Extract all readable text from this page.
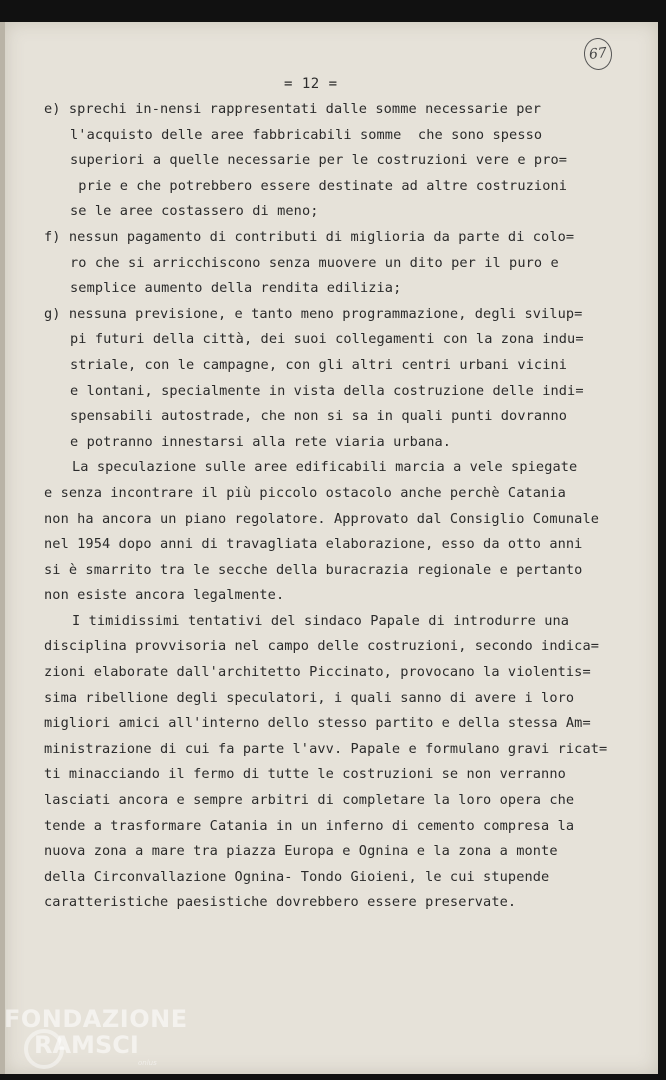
= 12 =
67
e) sprechi in-nensi rappresentati dalle somme necessarie per
l'acquisto delle aree fabbricabili somme  che sono spesso
superiori a quelle necessarie per le costruzioni vere e pro=
prie e che potrebbero essere destinate ad altre costruzioni
se le aree costassero di meno;
f) nessun pagamento di contributi di miglioria da parte di colo=
ro che si arricchiscono senza muovere un dito per il puro e
semplice aumento della rendita edilizia;
g) nessuna previsione, e tanto meno programmazione, degli svilup=
pi futuri della città, dei suoi collegamenti con la zona indu=
striale, con le campagne, con gli altri centri urbani vicini
e lontani, specialmente in vista della costruzione delle indi=
spensabili autostrade, che non si sa in quali punti dovranno
e potranno innestarsi alla rete viaria urbana.
La speculazione sulle aree edificabili marcia a vele spiegate
e senza incontrare il più piccolo ostacolo anche perchè Catania
non ha ancora un piano regolatore. Approvato dal Consiglio Comunale
nel 1954 dopo anni di travagliata elaborazione, esso da otto anni
si è smarrito tra le secche della buracrazia regionale e pertanto
non esiste ancora legalmente.
I timidissimi tentativi del sindaco Papale di introdurre una
disciplina provvisoria nel campo delle costruzioni, secondo indica=
zioni elaborate dall'architetto Piccinato, provocano la violentis=
sima ribellione degli speculatori, i quali sanno di avere i loro
migliori amici all'interno dello stesso partito e della stessa Am=
ministrazione di cui fa parte l'avv. Papale e formulano gravi ricat=
ti minacciando il fermo di tutte le costruzioni se non verranno
lasciati ancora e sempre arbitri di completare la loro opera che
tende a trasformare Catania in un inferno di cemento compresa la
nuova zona a mare tra piazza Europa e Ognina e la zona a monte
della Circonvallazione Ognina- Tondo Gioieni, le cui stupende
caratteristiche paesistiche dovrebbero essere preservate.
FONDAZIONE
RAMSCI
onlus
